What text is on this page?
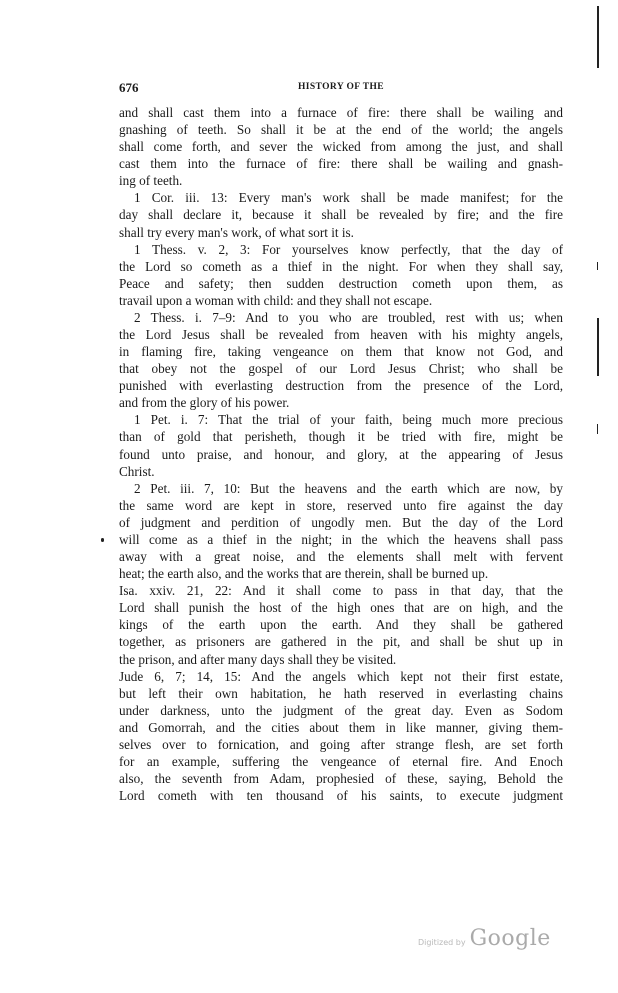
676	HISTORY OF THE
and shall cast them into a furnace of fire: there shall be wailing and
gnashing of teeth. So shall it be at the end of the world; the angels
shall come forth, and sever the wicked from among the just, and shall
cast them into the furnace of fire: there shall be wailing and gnash-
ing of teeth.
1 Cor. iii. 13: Every man's work shall be made manifest; for the
day shall declare it, because it shall be revealed by fire; and the fire
shall try every man's work, of what sort it is.
1 Thess. v. 2, 3: For yourselves know perfectly, that the day of
the Lord so cometh as a thief in the night. For when they shall say,
Peace and safety; then sudden destruction cometh upon them, as
travail upon a woman with child: and they shall not escape.
2 Thess. i. 7–9: And to you who are troubled, rest with us; when
the Lord Jesus shall be revealed from heaven with his mighty angels,
in flaming fire, taking vengeance on them that know not God, and
that obey not the gospel of our Lord Jesus Christ; who shall be
punished with everlasting destruction from the presence of the Lord,
and from the glory of his power.
1 Pet. i. 7: That the trial of your faith, being much more precious
than of gold that perisheth, though it be tried with fire, might be
found unto praise, and honour, and glory, at the appearing of Jesus
Christ.
2 Pet. iii. 7, 10: But the heavens and the earth which are now, by
the same word are kept in store, reserved unto fire against the day
of judgment and perdition of ungodly men. But the day of the Lord
will come as a thief in the night; in the which the heavens shall pass
away with a great noise, and the elements shall melt with fervent
heat; the earth also, and the works that are therein, shall be burned up.
Isa. xxiv. 21, 22: And it shall come to pass in that day, that the
Lord shall punish the host of the high ones that are on high, and the
kings of the earth upon the earth. And they shall be gathered
together, as prisoners are gathered in the pit, and shall be shut up in
the prison, and after many days shall they be visited.
Jude 6, 7; 14, 15: And the angels which kept not their first estate,
but left their own habitation, he hath reserved in everlasting chains
under darkness, unto the judgment of the great day. Even as Sodom
and Gomorrah, and the cities about them in like manner, giving them-
selves over to fornication, and going after strange flesh, are set forth
for an example, suffering the vengeance of eternal fire. And Enoch
also, the seventh from Adam, prophesied of these, saying, Behold the
Lord cometh with ten thousand of his saints, to execute judgment
Digitized by Google
